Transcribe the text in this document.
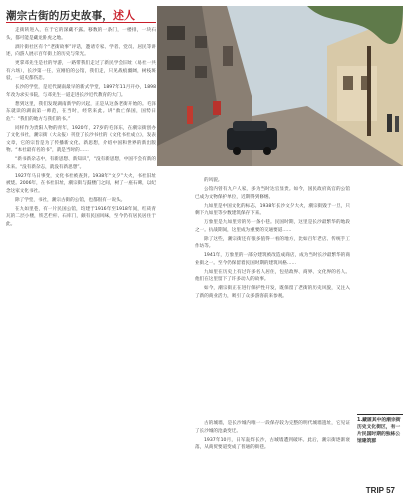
潮宗古街的历史故事，述人

走街转进入，在于它的深藏不露。移数的一条门，一楼排，一块石头，都可能是藏龙卧虎之地。

酒片街社区有个“老街故事”评话，邀请专家、学者、党员、居民等讲述，向游人展示百年街上的历史与荣光。

更掌邓先生是社的导游，一路带我们走过了新民学会旧址（易社一共有六场），长沙第一任，宣刚伯的公馆，我们走，只见战痕疆阔，树枝斑驳，一道史都伤悲。

长沙的学堂，是近代湖南最早的新式学堂，1897年11月开办，1898年改为求实书院，与邓先生一道走进长沙近代教育的大门。

想到这里，我们发现湖南新学的兴起，正是从这条老街开始的。毛泽东就读的湖南第一师范，在当时，经常来此。讲“救亡保国，国势日危”：“我们的地方与我们的书。”

同样作为贵阳人物的青年，1920年，27岁的毛泽东，在潮宗街创办了文化书社，潮宗街（大众报）刊登了长沙书社的《文化书社成立》，发表文章，它的宗旨是为了传播新文化、新思想，介绍中国和世界的新出版物。“本社最有名的书”，就是当时的……

“新书新杂志中，有新思想、新知识”，“没有新思想，中国不会有新的未来。“没有新杂志，就没有新思想”。

1927年马日事变，文化书社被查封。1938年“文夕”大火，书社旧址被烧。2006年，在书社旧址，潮宗街与鼓楼门之间，树了一座石碑，以纪念这家文化书社。

除了学堂，书社，潮宗古街的公馆，也都很有一说头。

在九如里巷，有一片民国公馆，均建于1916年至1918年间，红砖青瓦的二层小楼，铁艺栏杆、石库门，颇有民国风味，至今仍有居民居住于此。

的风貌。

公馆内曾有九户人家，多为当时达官显贵。如今，国民政府高官的公馆已成为文物保护单位，近期得到修缮。

九如里是中国文化的标志，1938年长沙文夕大火，潮宗街毁于一旦，只剩下九如里等少数建筑保存下来。

万象里是九如里旁的另一条小巷。民国时期，这里是长沙最繁华的地段之一。抗战期间，这里成为重要的交通要道……

除了这些，潮宗街还有很多值得一看的地方，比如百年老店、传统手工作坊等。

1941年，万象里的一部分建筑被改造成商店，成为当时长沙最繁华的商业街之一。至今仍保留着民国时期的建筑风格……

九如里在历史上有过许多名人居住，包括政界、商界、文化界的名人。他们在这里留下了许多动人的故事。

如今，潮宗街正在进行保护性开发，既保留了老街的历史风貌，又注入了新的商业活力，吸引了众多游客前来参观。

古的城墙，是长沙城内唯一一段保存较为完整的明代城墙遗址，它见证了长沙城的沧桑变迁。

1937年10月，日军轰炸长沙，古城墙遭到破坏。此后，潮宗街逐渐衰落，从商贸要道变成了普通的街巷。

1.藏匿其中的潮宗街历史文化街区，有一片民国时期的独栋公馆建筑群
TRIP 57
